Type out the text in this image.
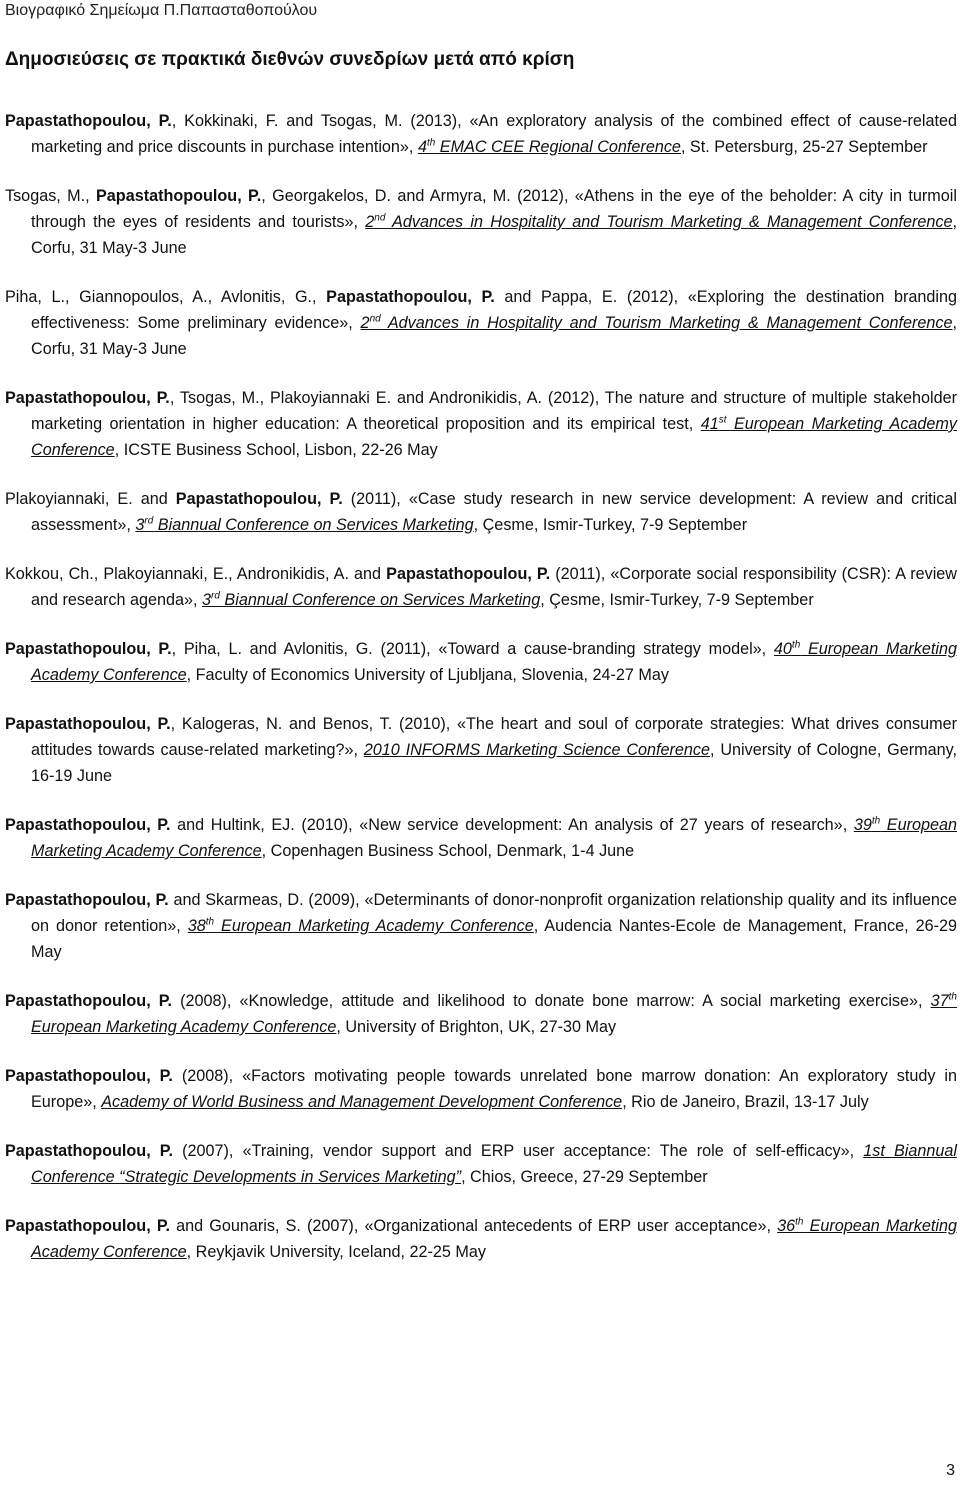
Βιογραφικό Σημείωμα Π.Παπασταθοπούλου
Δημοσιεύσεις σε πρακτικά διεθνών συνεδρίων μετά από κρίση
Papastathopoulou, P., Kokkinaki, F. and Tsogas, M. (2013), «An exploratory analysis of the combined effect of cause-related marketing and price discounts in purchase intention», 4th EMAC CEE Regional Conference, St. Petersburg, 25-27 September
Tsogas, M., Papastathopoulou, P., Georgakelos, D. and Armyra, M. (2012), «Athens in the eye of the beholder: A city in turmoil through the eyes of residents and tourists», 2nd Advances in Hospitality and Tourism Marketing & Management Conference, Corfu, 31 May-3 June
Piha, L., Giannopoulos, A., Avlonitis, G., Papastathopoulou, P. and Pappa, E. (2012), «Exploring the destination branding effectiveness: Some preliminary evidence», 2nd Advances in Hospitality and Tourism Marketing & Management Conference, Corfu, 31 May-3 June
Papastathopoulou, P., Tsogas, M., Plakoyiannaki E. and Andronikidis, A. (2012), The nature and structure of multiple stakeholder marketing orientation in higher education: A theoretical proposition and its empirical test, 41st European Marketing Academy Conference, ICSTE Business School, Lisbon, 22-26 May
Plakoyiannaki, E. and Papastathopoulou, P. (2011), «Case study research in new service development: A review and critical assessment», 3rd Biannual Conference on Services Marketing, Çesme, Ismir-Turkey, 7-9 September
Kokkou, Ch., Plakoyiannaki, E., Andronikidis, A. and Papastathopoulou, P. (2011), «Corporate social responsibility (CSR): A review and research agenda», 3rd Biannual Conference on Services Marketing, Çesme, Ismir-Turkey, 7-9 September
Papastathopoulou, P., Piha, L. and Avlonitis, G. (2011), «Toward a cause-branding strategy model», 40th European Marketing Academy Conference, Faculty of Economics University of Ljubljana, Slovenia, 24-27 May
Papastathopoulou, P., Kalogeras, N. and Benos, T. (2010), «The heart and soul of corporate strategies: What drives consumer attitudes towards cause-related marketing?», 2010 INFORMS Marketing Science Conference, University of Cologne, Germany, 16-19 June
Papastathopoulou, P. and Hultink, EJ. (2010), «New service development: An analysis of 27 years of research», 39th European Marketing Academy Conference, Copenhagen Business School, Denmark, 1-4 June
Papastathopoulou, P. and Skarmeas, D. (2009), «Determinants of donor-nonprofit organization relationship quality and its influence on donor retention», 38th European Marketing Academy Conference, Audencia Nantes-Ecole de Management, France, 26-29 May
Papastathopoulou, P. (2008), «Knowledge, attitude and likelihood to donate bone marrow: A social marketing exercise», 37th European Marketing Academy Conference, University of Brighton, UK, 27-30 May
Papastathopoulou, P. (2008), «Factors motivating people towards unrelated bone marrow donation: An exploratory study in Europe», Academy of World Business and Management Development Conference, Rio de Janeiro, Brazil, 13-17 July
Papastathopoulou, P. (2007), «Training, vendor support and ERP user acceptance: The role of self-efficacy», 1st Biannual Conference “Strategic Developments in Services Marketing”, Chios, Greece, 27-29 September
Papastathopoulou, P. and Gounaris, S. (2007), «Organizational antecedents of ERP user acceptance», 36th European Marketing Academy Conference, Reykjavik University, Iceland, 22-25 May
3
